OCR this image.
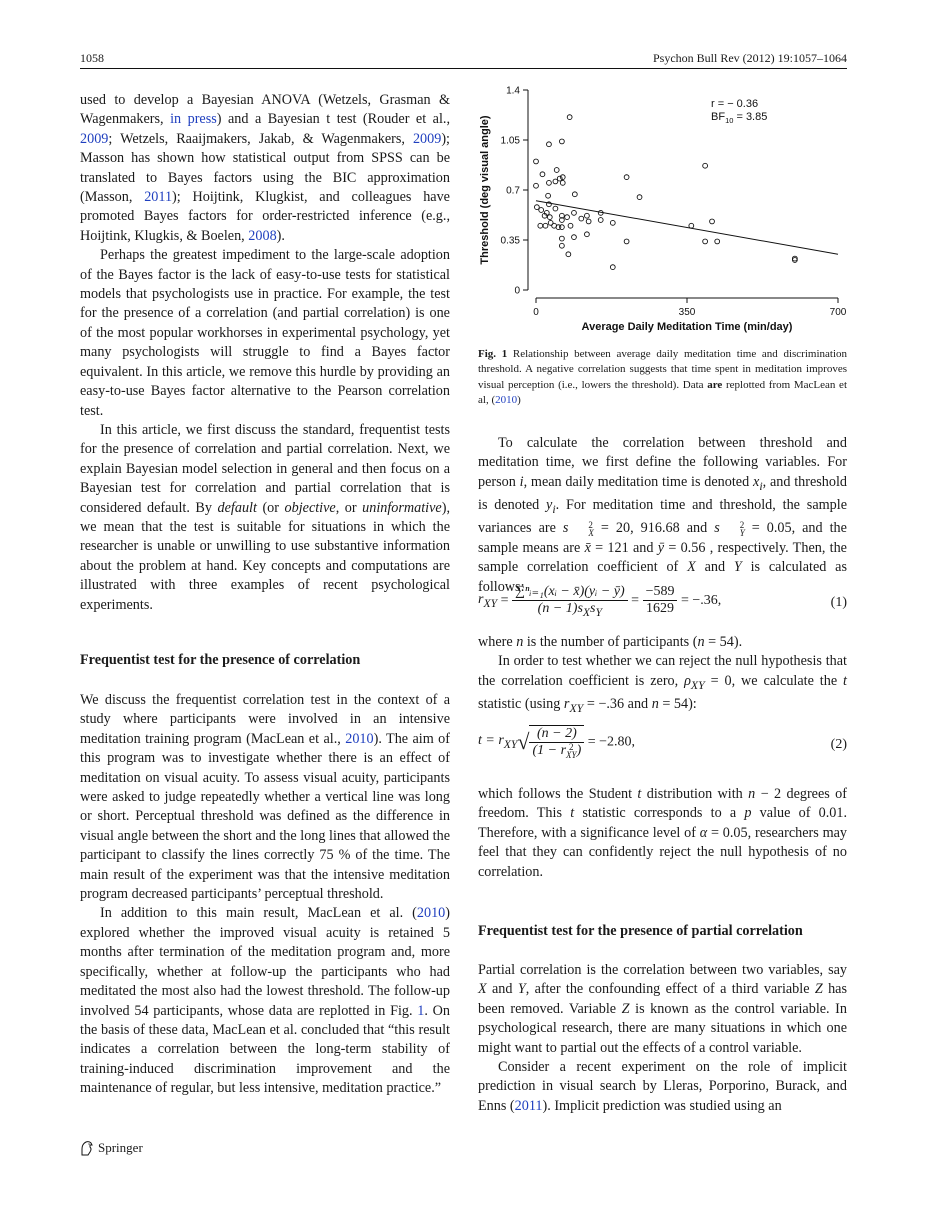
1058	Psychon Bull Rev (2012) 19:1057–1064

used to develop a Bayesian ANOVA (Wetzels, Grasman & Wagenmakers, in press) and a Bayesian t test (Rouder et al., 2009; Wetzels, Raaijmakers, Jakab, & Wagenmakers, 2009); Masson has shown how statistical output from SPSS can be translated to Bayes factors using the BIC approximation (Masson, 2011); Hoijtink, Klugkist, and colleagues have promoted Bayes factors for order-restricted inference (e.g., Hoijtink, Klugkis, & Boelen, 2008).

Perhaps the greatest impediment to the large-scale adoption of the Bayes factor is the lack of easy-to-use tests for statistical models that psychologists use in practice. For example, the test for the presence of a correlation (and partial correlation) is one of the most popular workhorses in experimental psychology, yet many psychologists will struggle to find a Bayes factor equivalent. In this article, we remove this hurdle by providing an easy-to-use Bayes factor alternative to the Pearson correlation test.

In this article, we first discuss the standard, frequentist tests for the presence of correlation and partial correlation. Next, we explain Bayesian model selection in general and then focus on a Bayesian test for correlation and partial correlation that is considered default. By default (or objective, or uninformative), we mean that the test is suitable for situations in which the researcher is unable or unwilling to use substantive information about the problem at hand. Key concepts and computations are illustrated with three examples of recent psychological experiments.

Frequentist test for the presence of correlation

We discuss the frequentist correlation test in the context of a study where participants were involved in an intensive meditation training program (MacLean et al., 2010). The aim of this program was to investigate whether there is an effect of meditation on visual acuity. To assess visual acuity, participants were asked to judge repeatedly whether a vertical line was long or short. Perceptual threshold was defined as the difference in visual angle between the short and the long lines that allowed the participant to classify the lines correctly 75 % of the time. The main result of the experiment was that the intensive meditation program decreased participants’ perceptual threshold.

In addition to this main result, MacLean et al. (2010) explored whether the improved visual acuity is retained 5 months after termination of the meditation program and, more specifically, whether at follow-up the participants who had meditated the most also had the lowest threshold. The follow-up involved 54 participants, whose data are replotted in Fig. 1. On the basis of these data, MacLean et al. concluded that “this result indicates a correlation between the long-term stability of training-induced discrimination improvement and the maintenance of regular, but less intensive, meditation practice.”

0
0.35
0.7
1.05
1.4
0	350	700
Average Daily Meditation Time (min/day)
Threshold (deg visual angle)
r = − 0.36
$BF_{10} = 3.85$
Fig. 1 Relationship between average daily meditation time and discrimination threshold. A negative correlation suggests that time spent in meditation improves visual perception (i.e., lowers the threshold). Data are replotted from MacLean et al, (2010)

To calculate the correlation between threshold and meditation time, we first define the following variables. For person i, mean daily meditation time is denoted $x_i$, and threshold is denoted $y_i$. For meditation time and threshold, the sample variances are s	2
X = 20, 916.68 and s	2
Y = 0.05, and the sample means are x̄ = 121 and ȳ = 0.56 , respectively. Then, the sample correlation coefficient of X and Y is calculated as follows:

$r_{XY} = \frac{\text{∑ⁿᵢ₌₁(xᵢ − x̄)(yᵢ − ȳ)}}{(n - 1)s_Xs_Y} = \frac{-589}{1629} = -.36$,	(1)

where n is the number of participants (n = 54).

In order to test whether we can reject the null hypothesis that the correlation coefficient is zero, $\rho_{XY} = 0$, we calculate the t statistic (using $r_{XY} = -.36$ and n = 54):

$t = r_{XY}√$ (n − 2)
(1 − r 2
XY ) = −2.80,	(2)

which follows the Student t distribution with n − 2 degrees of freedom. This t statistic corresponds to a p value of 0.01. Therefore, with a significance level of α = 0.05, researchers may feel that they can confidently reject the null hypothesis of no correlation.

Frequentist test for the presence of partial correlation

Partial correlation is the correlation between two variables, say X and Y, after the confounding effect of a third variable Z has been removed. Variable Z is known as the control variable. In psychological research, there are many situations in which one might want to partial out the effects of a control variable.

Consider a recent experiment on the role of implicit prediction in visual search by Lleras, Porporino, Burack, and Enns (2011). Implicit prediction was studied using an

Springer
